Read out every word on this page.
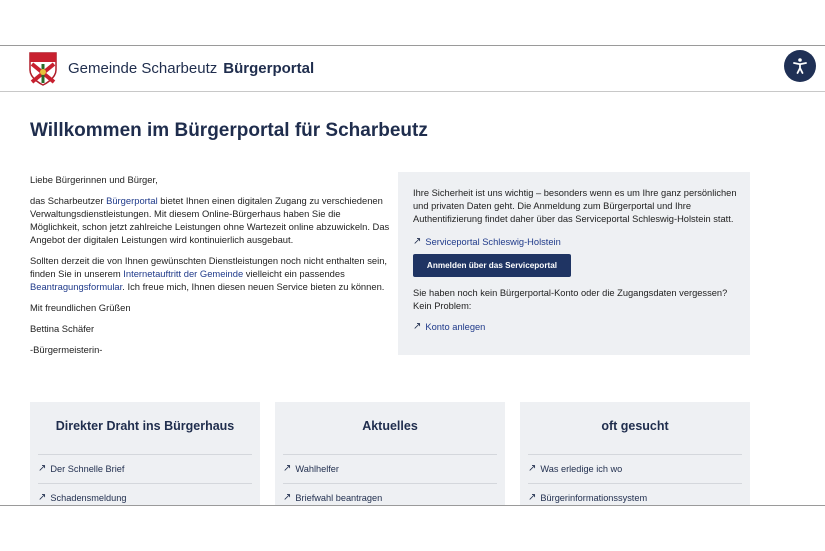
Gemeinde Scharbeutz Bürgerportal
Willkommen im Bürgerportal für Scharbeutz

Liebe Bürgerinnen und Bürger,

das Scharbeutzer Bürgerportal bietet Ihnen einen digitalen Zugang zu verschiedenen Verwaltungsdienstleistungen. Mit diesem Online-Bürgerhaus haben Sie die Möglichkeit, schon jetzt zahlreiche Leistungen ohne Wartezeit online abzuwickeln. Das Angebot der digitalen Leistungen wird kontinuierlich ausgebaut.

Sollten derzeit die von Ihnen gewünschten Dienstleistungen noch nicht enthalten sein, finden Sie in unserem Internetauftritt der Gemeinde vielleicht ein passendes Beantragungsformular. Ich freue mich, Ihnen diesen neuen Service bieten zu können.

Mit freundlichen Grüßen

Bettina Schäfer

-Bürgermeisterin-

Ihre Sicherheit ist uns wichtig – besonders wenn es um Ihre ganz persönlichen und privaten Daten geht. Die Anmeldung zum Bürgerportal und Ihre Authentifizierung findet daher über das Serviceportal Schleswig-Holstein statt.
↗ Serviceportal Schleswig-Holstein
Anmelden über das Serviceportal
Sie haben noch kein Bürgerportal-Konto oder die Zugangsdaten vergessen? Kein Problem:
↗ Konto anlegen
Direkter Draht ins Bürgerhaus
↗ Der Schnelle Brief
↗ Schadensmeldung
Aktuelles
↗ Wahlhelfer
↗ Briefwahl beantragen
oft gesucht
↗ Was erledige ich wo
↗ Bürgerinformationssystem
